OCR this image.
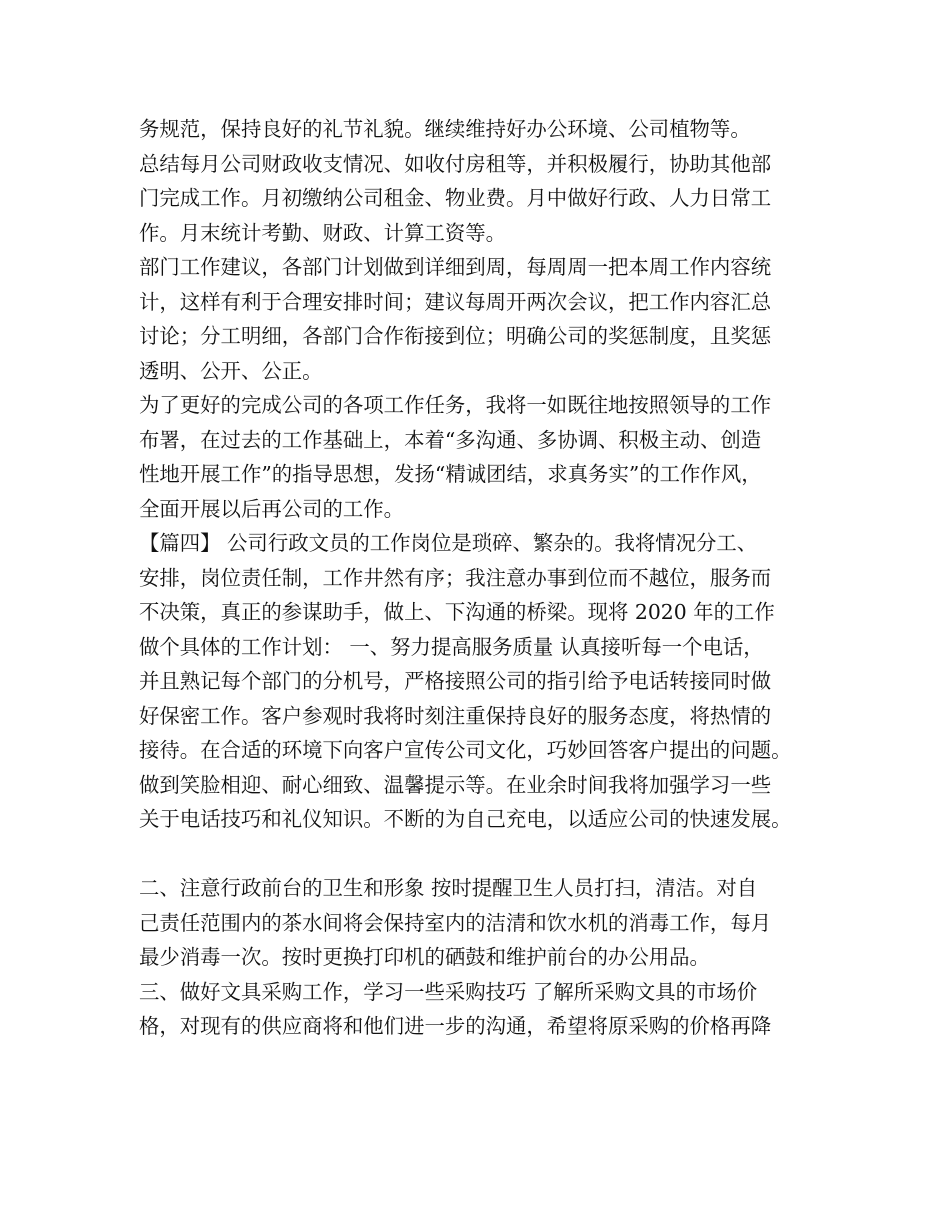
务规范，保持良好的礼节礼貌。继续维持好办公环境、公司植物等。
总结每月公司财政收支情况、如收付房租等，并积极履行，协助其他部
门完成工作。月初缴纳公司租金、物业费。月中做好行政、人力日常工
作。月末统计考勤、财政、计算工资等。
部门工作建议，各部门计划做到详细到周，每周周一把本周工作内容统
计，这样有利于合理安排时间；建议每周开两次会议，把工作内容汇总
讨论；分工明细，各部门合作衔接到位；明确公司的奖惩制度，且奖惩
透明、公开、公正。
为了更好的完成公司的各项工作任务，我将一如既往地按照领导的工作
布署，在过去的工作基础上，本着“多沟通、多协调、积极主动、创造
性地开展工作”的指导思想，发扬“精诚团结，求真务实”的工作作风，
全面开展以后再公司的工作。
【篇四】 公司行政文员的工作岗位是琐碎、繁杂的。我将情况分工、
安排，岗位责任制，工作井然有序；我注意办事到位而不越位，服务而
不决策，真正的参谋助手，做上、下沟通的桥梁。现将 2020 年的工作
做个具体的工作计划： 一、努力提高服务质量 认真接听每一个电话，
并且熟记每个部门的分机号，严格接照公司的指引给予电话转接同时做
好保密工作。客户参观时我将时刻注重保持良好的服务态度，将热情的
接待。在合适的环境下向客户宣传公司文化，巧妙回答客户提出的问题。
做到笑脸相迎、耐心细致、温馨提示等。在业余时间我将加强学习一些
关于电话技巧和礼仪知识。不断的为自己充电，以适应公司的快速发展。
二、注意行政前台的卫生和形象 按时提醒卫生人员打扫，清洁。对自
己责任范围内的茶水间将会保持室内的洁清和饮水机的消毒工作，每月
最少消毒一次。按时更换打印机的硒鼓和维护前台的办公用品。
三、做好文具采购工作，学习一些采购技巧 了解所采购文具的市场价
格，对现有的供应商将和他们进一步的沟通，希望将原采购的价格再降
